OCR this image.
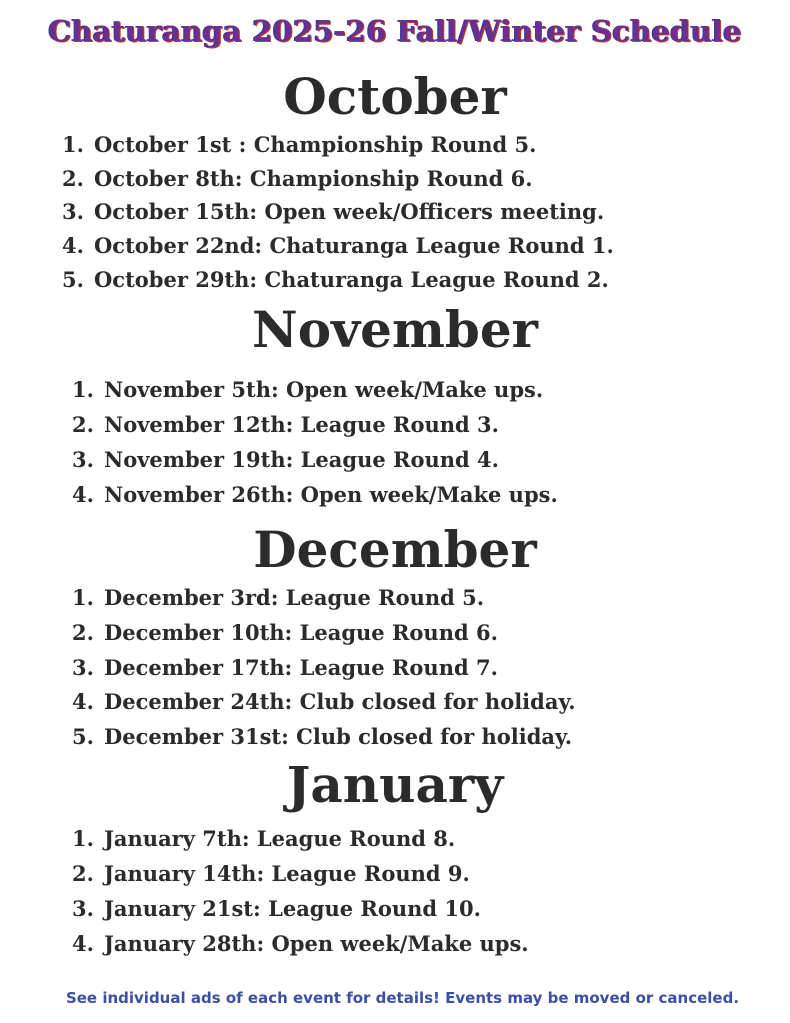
Chaturanga 2025-26 Fall/Winter Schedule
October
1. October 1st : Championship Round 5.
2. October 8th: Championship Round 6.
3. October 15th: Open week/Officers meeting.
4. October 22nd: Chaturanga League Round 1.
5. October 29th: Chaturanga League Round 2.
November
1. November 5th: Open week/Make ups.
2. November 12th: League Round 3.
3. November 19th: League Round 4.
4. November 26th: Open week/Make ups.
December
1. December 3rd: League Round 5.
2. December 10th: League Round 6.
3. December 17th: League Round 7.
4. December 24th: Club closed for holiday.
5. December 31st: Club closed for holiday.
January
1. January 7th: League Round 8.
2. January 14th: League Round 9.
3. January 21st: League Round 10.
4. January 28th: Open week/Make ups.
See individual ads of each event for details! Events may be moved or canceled.
